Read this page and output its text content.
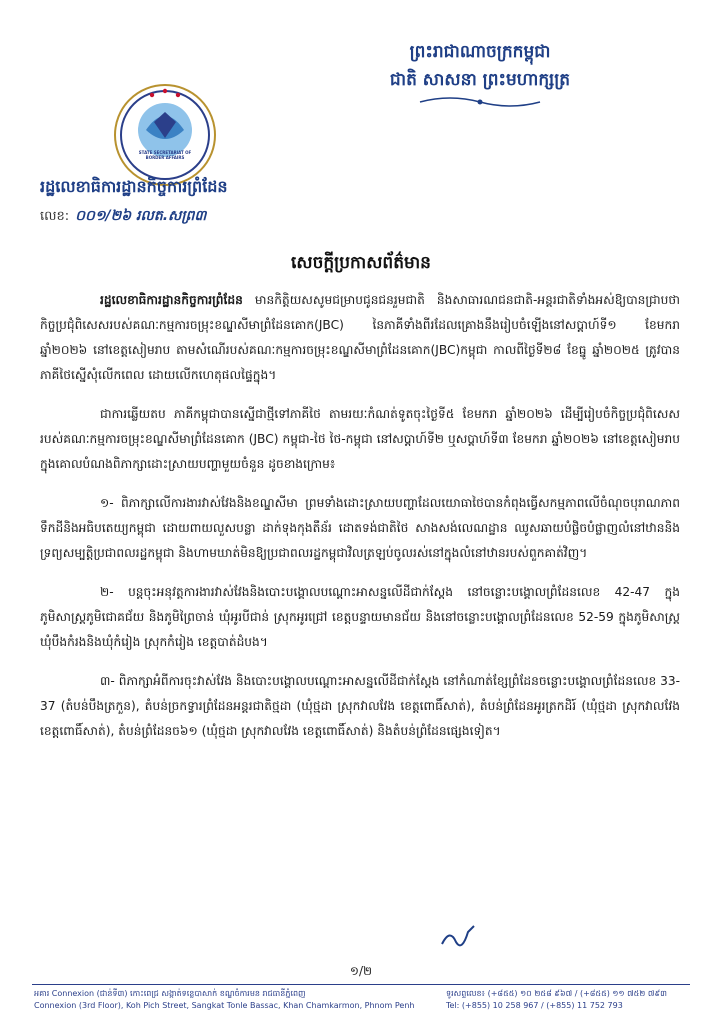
ព្រះរាជាណាចក្រកម្ពុជា
ជាតិ សាសនា ព្រះមហាក្សត្រ
STATE SECRETARIAT OF BORDER AFFAIRS
រដ្ឋលេខាធិការដ្ឋានកិច្ចការព្រំដែន
លេខ: ០០១/២៦ រលត.សព្រ៣
សេចក្តីប្រកាសព័ត៌មាន

រដ្ឋលេខាធិការដ្ឋានកិច្ចការព្រំដែន មានកិត្តិយសសូមជម្រាបជូនជនរួមជាតិ និងសាធារណជនជាតិ-អន្តរជាតិទាំងអស់ឱ្យបានជ្រាបថា កិច្ចប្រជុំពិសេសរបស់គណៈកម្មការចម្រុះខណ្ឌសីមាព្រំដែនគោក(JBC) នៃភាគីទាំងពីរដែលគ្រោងនឹងរៀបចំឡើងនៅសប្តាហ៍ទី១ ខែមករា ឆ្នាំ២០២៦ នៅខេត្តសៀមរាប តាមសំណើរបស់គណៈកម្មការចម្រុះខណ្ឌសីមាព្រំដែនគោក(JBC)កម្ពុជា កាលពីថ្ងៃទី២៨ ខែធ្នូ ឆ្នាំ២០២៥ ត្រូវបានភាគីថៃស្នើសុំលើកពេល ដោយលើកហេតុផលផ្ទៃក្នុង។

ជាការឆ្លើយតប ភាគីកម្ពុជាបានស្នើជាថ្មីទៅភាគីថៃ តាមរយៈកំណត់ទូតចុះថ្ងៃទី៥ ខែមករា ឆ្នាំ២០២៦ ដើម្បីរៀបចំកិច្ចប្រជុំពិសេសរបស់គណៈកម្មការចម្រុះខណ្ឌសីមាព្រំដែនគោក (JBC) កម្ពុជា-ថៃ ថៃ-កម្ពុជា នៅសប្តាហ៍ទី២ ឬសប្តាហ៍ទី៣ ខែមករា ឆ្នាំ២០២៦ នៅខេត្តសៀមរាប ក្នុងគោលបំណងពិភាក្សាដោះស្រាយបញ្ហាមួយចំនួន ដូចខាងក្រោម៖

១- ពិភាក្សាលើការងារវាស់វែងនិងខណ្ឌសីមា ព្រមទាំងដោះស្រាយបញ្ហាដែលយោធាថៃបានកំពុងធ្វើសកម្មភាពលើចំណុចបុរាណភាពទឹកដីនិងអធិបតេយ្យកម្ពុជា ដោយពាយលួសបន្លា ដាក់ទុងកុងតឺន័រ ដោតទង់ជាតិថៃ សាងសង់លេណដ្ឋាន ឈូសឆាយបំផ្លិចបំផ្លាញលំនៅឋាននិងទ្រព្យសម្បត្តិប្រជាពលរដ្ឋកម្ពុជា និងហាមឃាត់មិនឱ្យប្រជាពលរដ្ឋកម្ពុជាវិលត្រឡប់ចូលរស់នៅក្នុងលំនៅឋានរបស់ពួកគាត់វិញ។

២- បន្តចុះអនុវត្តការងារវាស់វែងនិងបោះបង្គោលបណ្ដោះអាសន្នលើដីជាក់ស្តែង នៅចន្លោះបង្គោលព្រំដែនលេខ 42-47 ក្នុងភូមិសាស្ត្រភូមិជោគជ័យ និងភូមិព្រៃចាន់ ឃុំអូរបីជាន់ ស្រុកអូរជ្រៅ ខេត្តបន្ទាយមានជ័យ និងនៅចន្លោះបង្គោលព្រំដែនលេខ 52-59 ក្នុងភូមិសាស្ត្រឃុំបឹងកំរងនិងឃុំកំរៀង ស្រុកកំរៀង ខេត្តបាត់ដំបង។

៣- ពិភាក្សាអំពីការចុះវាស់វែង និងបោះបង្គោលបណ្ដោះអាសន្នលើដីជាក់ស្តែង នៅកំណាត់ខ្សែព្រំដែនចន្លោះបង្គោលព្រំដែនលេខ 33-37 (តំបន់បឹងត្រកួន), តំបន់ច្រកទ្វារព្រំដែនអន្តរជាតិថ្មដា (ឃុំថ្មដា ស្រុកវាលវែង ខេត្តពោធិ៍សាត់), តំបន់ព្រំដែនអូរត្រកដិរ៍ (ឃុំថ្មដា ស្រុកវាលវែង ខេត្តពោធិ៍សាត់), តំបន់ព្រំដែនច៦១ (ឃុំថ្មដា ស្រុកវាលវែង ខេត្តពោធិ៍សាត់) និងតំបន់ព្រំដែនផ្សេងទៀត។

១/២
អគារ Connexion (ជាន់ទី៣) កោះពេជ្រ សង្កាត់ទន្លេបាសាក់ ខណ្ឌចំការមន រាជធានីភ្នំពេញ
Connexion (3rd Floor), Koh Pich Street, Sangkat Tonle Bassac, Khan Chamkarmon, Phnom Penh
ទូរសព្ទលេខ៖ (+៨៥៥) ១០ ២៥៨ ៩៦៧ / (+៨៥៥) ១១ ៧៥២ ៧៩៣
Tel: (+855) 10 258 967 / (+855) 11 752 793
